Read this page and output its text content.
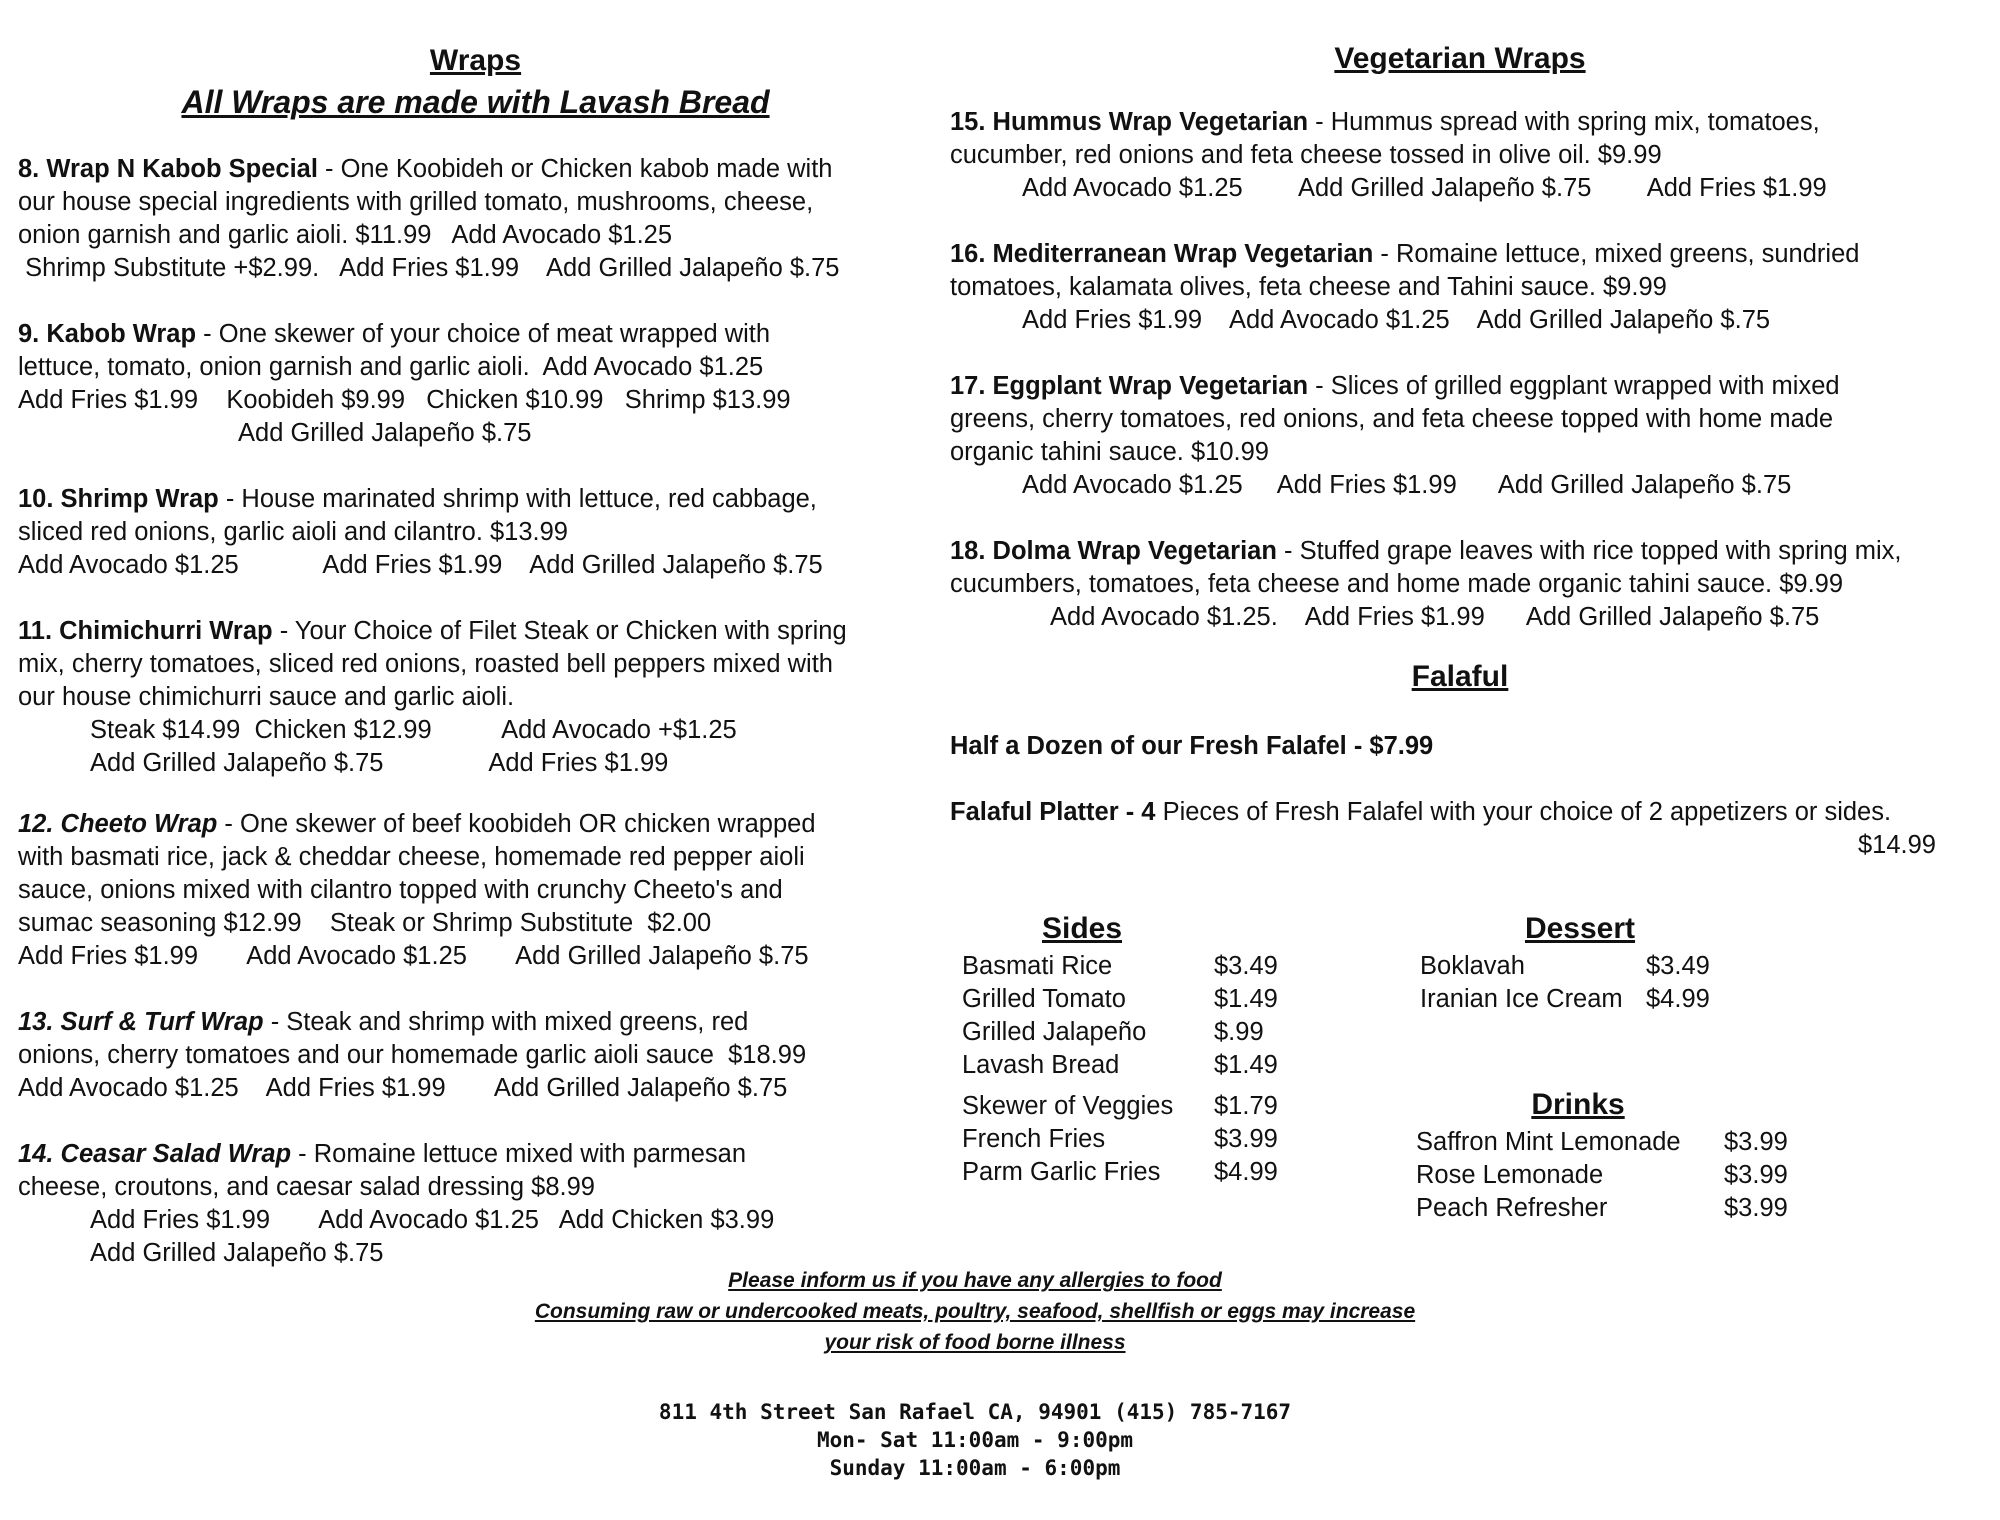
Wraps
All Wraps are made with Lavash Bread
8. Wrap N Kabob Special - One Koobideh or Chicken kabob made with
our house special ingredients with grilled tomato, mushrooms, cheese,
onion garnish and garlic aioli. $11.99   Add Avocado $1.25
Shrimp Substitute +$2.99.   Add Fries $1.99    Add Grilled Jalapeño $.75
9. Kabob Wrap - One skewer of your choice of meat wrapped with
lettuce, tomato, onion garnish and garlic aioli.  Add Avocado $1.25
Add Fries $1.99    Koobideh $9.99   Chicken $10.99   Shrimp $13.99
Add Grilled Jalapeño $.75
10. Shrimp Wrap - House marinated shrimp with lettuce, red cabbage,
sliced red onions, garlic aioli and cilantro. $13.99
Add Avocado $1.25            Add Fries $1.99    Add Grilled Jalapeño $.75
11. Chimichurri Wrap - Your Choice of Filet Steak or Chicken with spring
mix, cherry tomatoes, sliced red onions, roasted bell peppers mixed with
our house chimichurri sauce and garlic aioli.
Steak $14.99  Chicken $12.99          Add Avocado +$1.25
Add Grilled Jalapeño $.75               Add Fries $1.99
12. Cheeto Wrap - One skewer of beef koobideh OR chicken wrapped
with basmati rice, jack & cheddar cheese, homemade red pepper aioli
sauce, onions mixed with cilantro topped with crunchy Cheeto's and
sumac seasoning $12.99    Steak or Shrimp Substitute  $2.00
Add Fries $1.99       Add Avocado $1.25       Add Grilled Jalapeño $.75
13. Surf & Turf Wrap - Steak and shrimp with mixed greens, red
onions, cherry tomatoes and our homemade garlic aioli sauce  $18.99
Add Avocado $1.25    Add Fries $1.99       Add Grilled Jalapeño $.75
14. Ceasar Salad Wrap - Romaine lettuce mixed with parmesan
cheese, croutons, and caesar salad dressing $8.99
Add Fries $1.99       Add Avocado $1.25   Add Chicken $3.99
Add Grilled Jalapeño $.75
Vegetarian Wraps
15. Hummus Wrap Vegetarian - Hummus spread with spring mix, tomatoes,
cucumber, red onions and feta cheese tossed in olive oil. $9.99
Add Avocado $1.25        Add Grilled Jalapeño $.75        Add Fries $1.99
16. Mediterranean Wrap Vegetarian - Romaine lettuce, mixed greens, sundried
tomatoes, kalamata olives, feta cheese and Tahini sauce. $9.99
Add Fries $1.99    Add Avocado $1.25    Add Grilled Jalapeño $.75
17. Eggplant Wrap Vegetarian - Slices of grilled eggplant wrapped with mixed
greens, cherry tomatoes, red onions, and feta cheese topped with home made
organic tahini sauce. $10.99
Add Avocado $1.25     Add Fries $1.99      Add Grilled Jalapeño $.75
18. Dolma Wrap Vegetarian - Stuffed grape leaves with rice topped with spring mix,
cucumbers, tomatoes, feta cheese and home made organic tahini sauce. $9.99
Add Avocado $1.25.    Add Fries $1.99      Add Grilled Jalapeño $.75
Falaful
Half a Dozen of our Fresh Falafel - $7.99
Falaful Platter - 4 Pieces of Fresh Falafel with your choice of 2 appetizers or sides.
$14.99
Sides
Basmati Rice	$3.49
Grilled Tomato	$1.49
Grilled Jalapeño	$.99
Lavash Bread	$1.49
Skewer of Veggies	$1.79
French Fries	$3.99
Parm Garlic Fries	$4.99
Dessert
Boklavah	$3.49
Iranian Ice Cream $4.99
Drinks
Saffron Mint Lemonade	$3.99
Rose Lemonade	$3.99
Peach Refresher	$3.99
Please inform us if you have any allergies to food
Consuming raw or undercooked meats, poultry, seafood, shellfish or eggs may increase
your risk of food borne illness
811 4th Street San Rafael CA, 94901 (415) 785-7167
Mon- Sat 11:00am - 9:00pm
Sunday 11:00am - 6:00pm
